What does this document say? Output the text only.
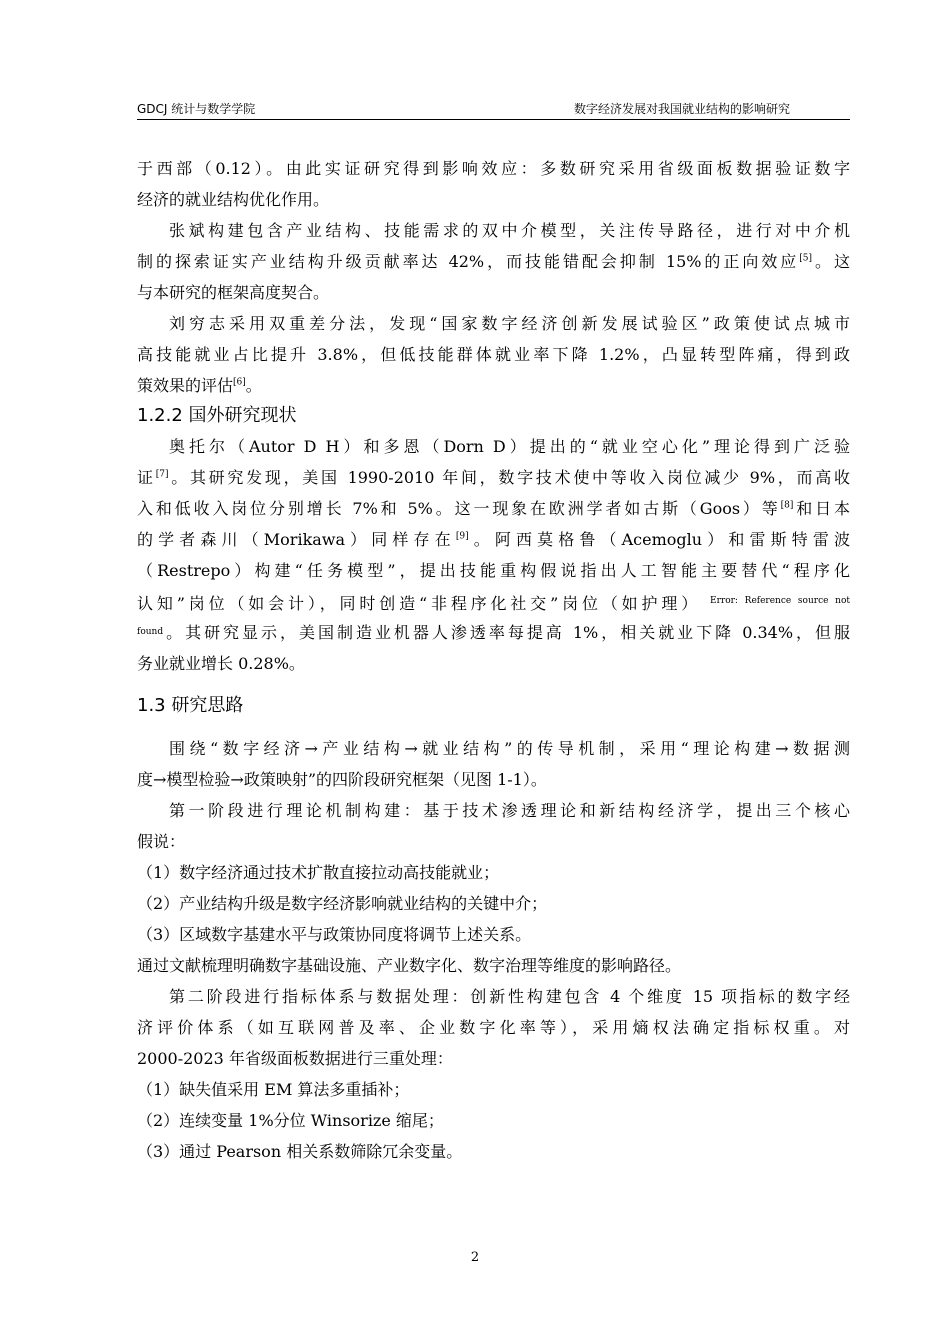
GDCJ 统计与数学学院	数字经济发展对我国就业结构的影响研究
于西部（0.12）。由此实证研究得到影响效应：多数研究采用省级面板数据验证数字
经济的就业结构优化作用。
张斌构建包含产业结构、技能需求的双中介模型，关注传导路径，进行对中介机
制的探索证实产业结构升级贡献率达 42%，而技能错配会抑制 15%的正向效应[5]。这
与本研究的框架高度契合。
刘穷志采用双重差分法，发现“国家数字经济创新发展试验区”政策使试点城市
高技能就业占比提升 3.8%，但低技能群体就业率下降 1.2%，凸显转型阵痛，得到政
策效果的评估[6]。
1.2.2 国外研究现状
奥托尔（Autor D H）和多恩（Dorn D）提出的“就业空心化”理论得到广泛验
证[7]。其研究发现，美国 1990-2010 年间，数字技术使中等收入岗位减少 9%，而高收
入和低收入岗位分别增长 7%和 5%。这一现象在欧洲学者如古斯（Goos）等[8]和日本
的学者森川（Morikawa）同样存在[9]。阿西莫格鲁（Acemoglu）和雷斯特雷波
（Restrepo）构建“任务模型”，提出技能重构假说指出人工智能主要替代“程序化
认知”岗位（如会计），同时创造“非程序化社交”岗位（如护理） $^{Error: Reference source not}$
$^{found}$。其研究显示，美国制造业机器人渗透率每提高 1%，相关就业下降 0.34%，但服
务业就业增长 0.28%。
1.3 研究思路
围绕“数字经济→产业结构→就业结构”的传导机制，采用“理论构建→数据测
度→模型检验→政策映射”的四阶段研究框架（见图 1-1）。
第一阶段进行理论机制构建：基于技术渗透理论和新结构经济学，提出三个核心
假说：
（1）数字经济通过技术扩散直接拉动高技能就业；
（2）产业结构升级是数字经济影响就业结构的关键中介；
（3）区域数字基建水平与政策协同度将调节上述关系。
通过文献梳理明确数字基础设施、产业数字化、数字治理等维度的影响路径。
第二阶段进行指标体系与数据处理：创新性构建包含 4 个维度 15 项指标的数字经
济评价体系（如互联网普及率、企业数字化率等），采用熵权法确定指标权重。对
2000-2023 年省级面板数据进行三重处理：
（1）缺失值采用 EM 算法多重插补；
（2）连续变量 1%分位 Winsorize 缩尾；
（3）通过 Pearson 相关系数筛除冗余变量。
2
